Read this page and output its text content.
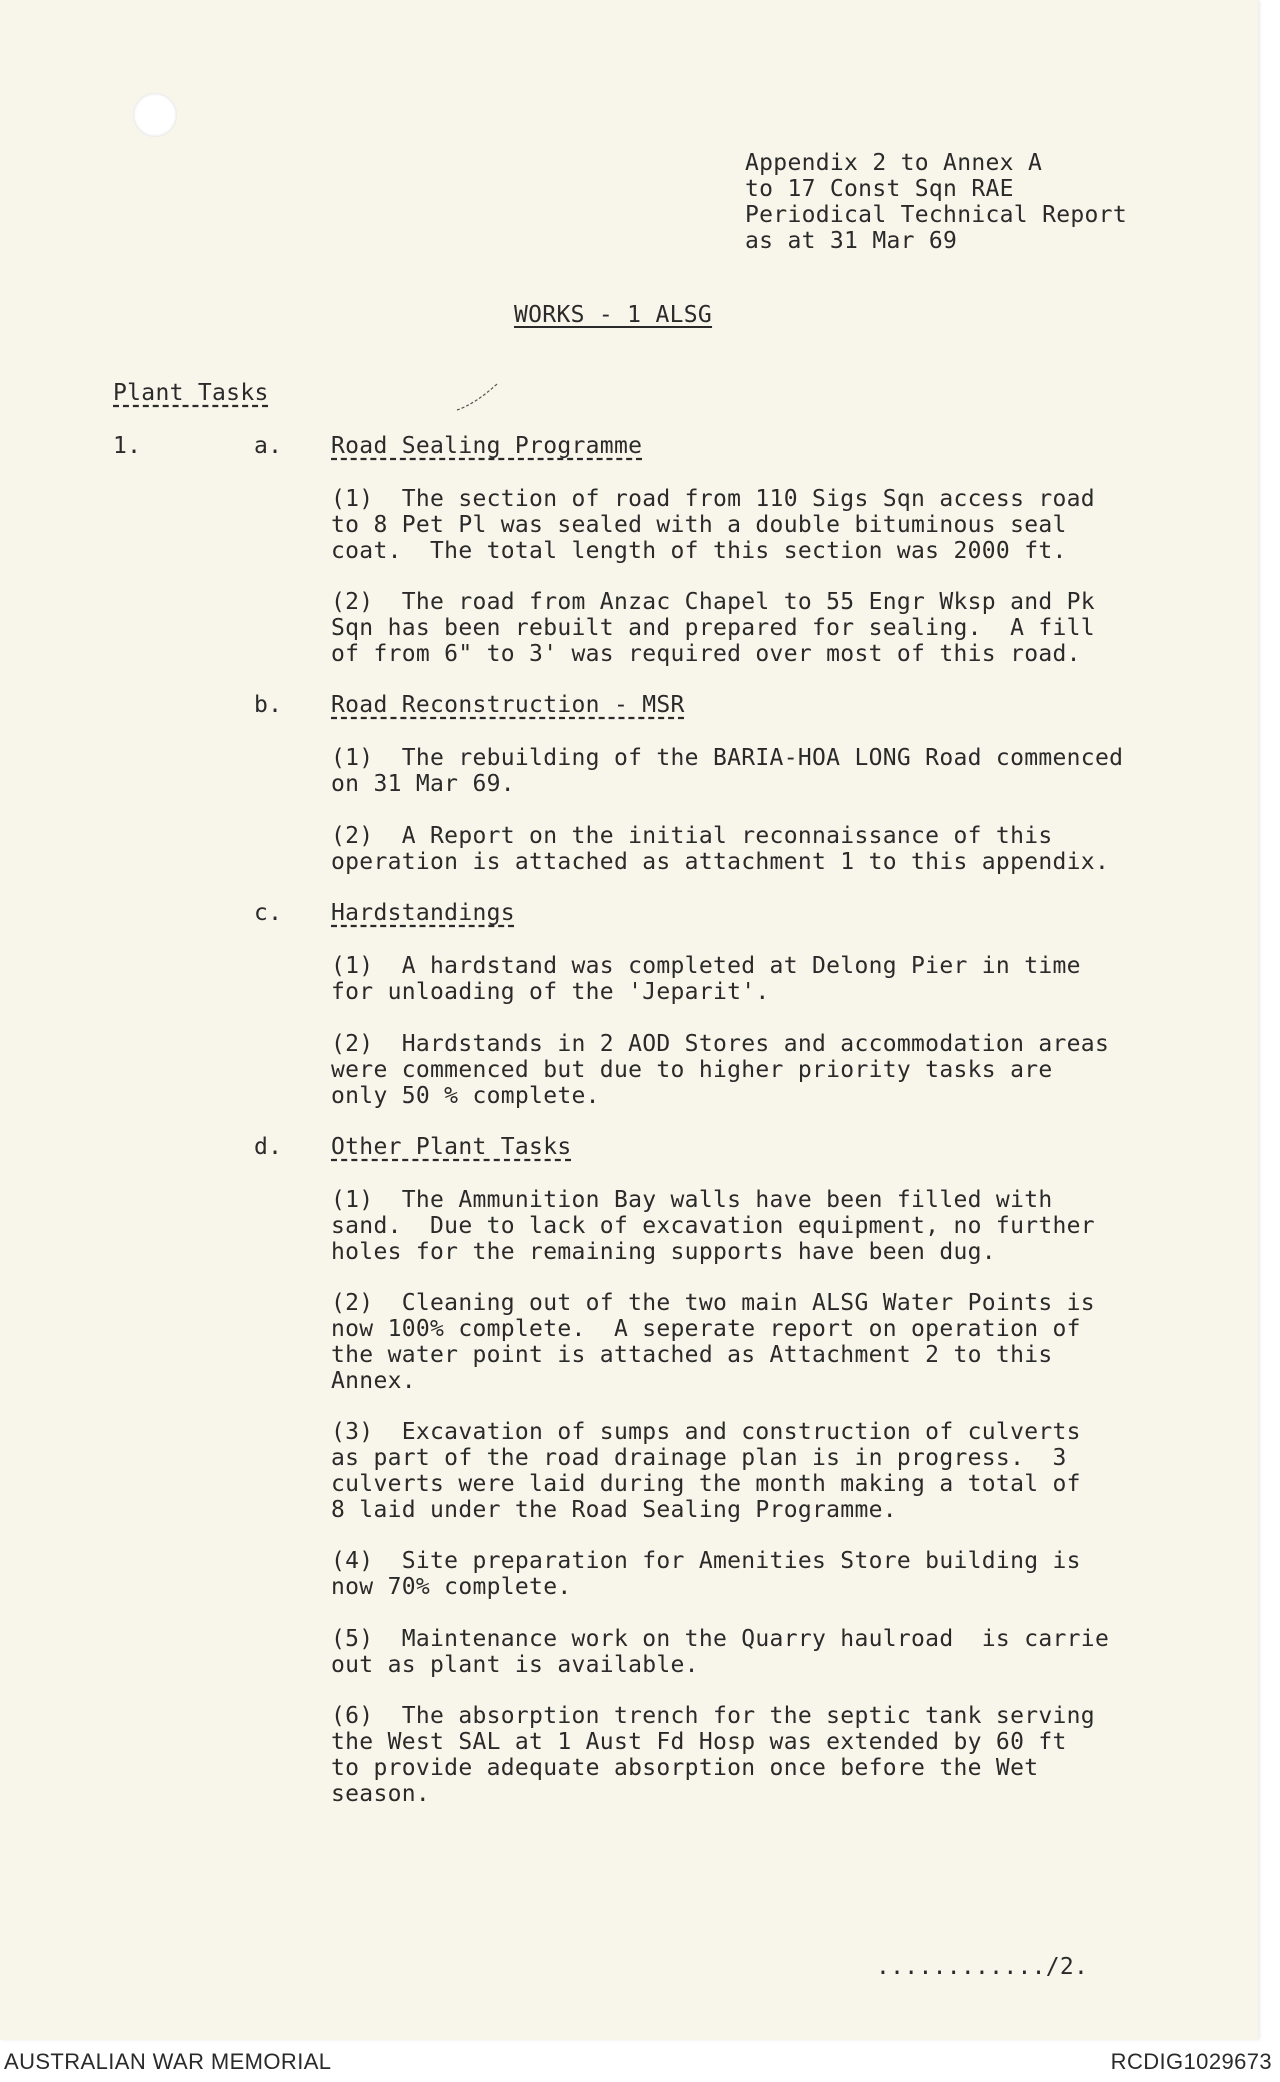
Appendix 2 to Annex A
to 17 Const Sqn RAE
Periodical Technical Report
as at 31 Mar 69
WORKS - 1 ALSG
Plant Tasks
1.	a. Road Sealing Programme
(1)  The section of road from 110 Sigs Sqn access road
to 8 Pet Pl was sealed with a double bituminous seal
coat.  The total length of this section was 2000 ft.
(2)  The road from Anzac Chapel to 55 Engr Wksp and Pk
Sqn has been rebuilt and prepared for sealing.  A fill
of from 6" to 3' was required over most of this road.
b. Road Reconstruction - MSR
(1)  The rebuilding of the BARIA-HOA LONG Road commenced
on 31 Mar 69.
(2)  A Report on the initial reconnaissance of this
operation is attached as attachment 1 to this appendix.
c. Hardstandings
(1)  A hardstand was completed at Delong Pier in time
for unloading of the 'Jeparit'.
(2)  Hardstands in 2 AOD Stores and accommodation areas
were commenced but due to higher priority tasks are
only 50 % complete.
d. Other Plant Tasks
(1)  The Ammunition Bay walls have been filled with
sand.  Due to lack of excavation equipment, no further
holes for the remaining supports have been dug.
(2)  Cleaning out of the two main ALSG Water Points is
now 100% complete.  A seperate report on operation of
the water point is attached as Attachment 2 to this
Annex.
(3)  Excavation of sumps and construction of culverts
as part of the road drainage plan is in progress.  3
culverts were laid during the month making a total of
8 laid under the Road Sealing Programme.
(4)  Site preparation for Amenities Store building is
now 70% complete.
(5)  Maintenance work on the Quarry haulroad  is carrie
out as plant is available.
(6)  The absorption trench for the septic tank serving
the West SAL at 1 Aust Fd Hosp was extended by 60 ft
to provide adequate absorption once before the Wet
season.
............/2.
AUSTRALIAN WAR MEMORIAL	RCDIG1029673
